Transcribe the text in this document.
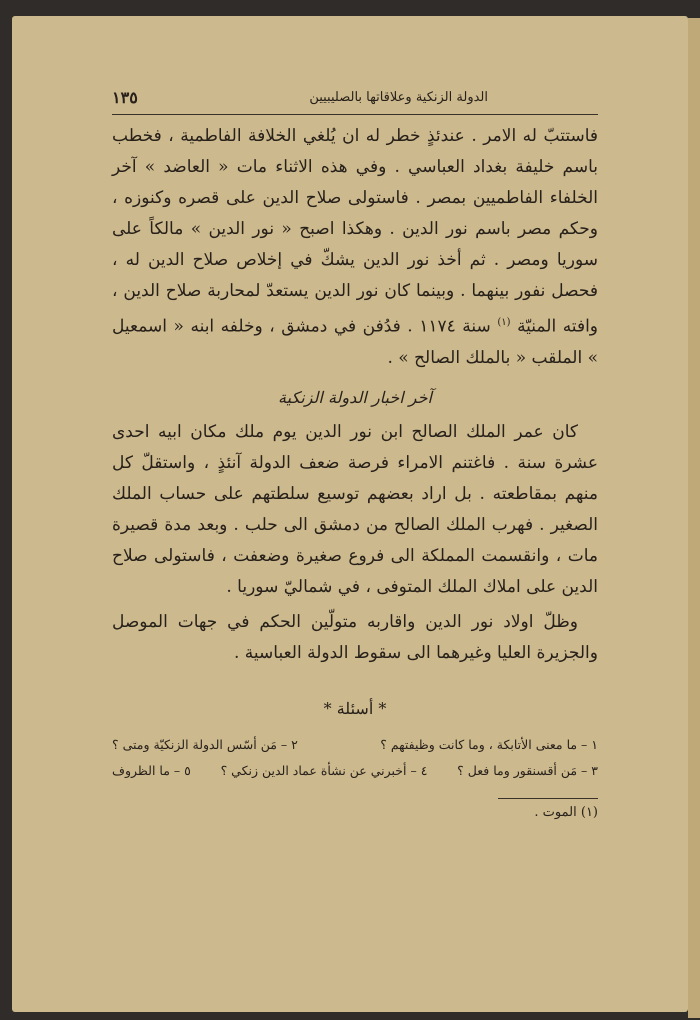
الدولة الزنكية وعلاقاتها بالصليبيين
١٣٥

فاستتبّ له الامر . عندئذٍ خطر له ان يُلغي الخلافة الفاطمية ، فخطب باسم خليفة بغداد العباسي . وفي هذه الاثناء مات « العاضد » آخر الخلفاء الفاطميين بمصر . فاستولى صلاح الدين على قصره وكنوزه ، وحكم مصر باسم نور الدين . وهكذا اصبح « نور الدين » مالكاً على سوريا ومصر . ثم أخذ نور الدين يشكّ في إخلاص صلاح الدين له ، فحصل نفور بينهما . وبينما كان نور الدين يستعدّ لمحاربة صلاح الدين ، وافته المنيّة $^{(١)}$ سنة ١١٧٤ . فدُفن في دمشق ، وخلفه ابنه « اسمعيل » الملقب « بالملك الصالح » .

آخر اخبار الدولة الزنكية

كان عمر الملك الصالح ابن نور الدين يوم ملك مكان ابيه احدى عشرة سنة . فاغتنم الامراء فرصة ضعف الدولة آنئذٍ ، واستقلّ كل منهم بمقاطعته . بل اراد بعضهم توسيع سلطتهم على حساب الملك الصغير . فهرب الملك الصالح من دمشق الى حلب . وبعد مدة قصيرة مات ، وانقسمت المملكة الى فروع صغيرة وضعفت ، فاستولى صلاح الدين على املاك الملك المتوفى ، في شماليّ سوريا .

وظلّ اولاد نور الدين واقاربه متولّين الحكم في جهات الموصل والجزيرة العليا وغيرهما الى سقوط الدولة العباسية .

* أسئلة *
١ – ما معنى الأتابكة ، وما كانت وظيفتهم ؟
٢ – مَن أسّس الدولة الزنكيّة ومتى ؟
٣ – مَن أقسنقور وما فعل ؟
٤ – أخبرني عن نشأة عماد الدين زنكي ؟
٥ – ما الظروف
(١) الموت .
